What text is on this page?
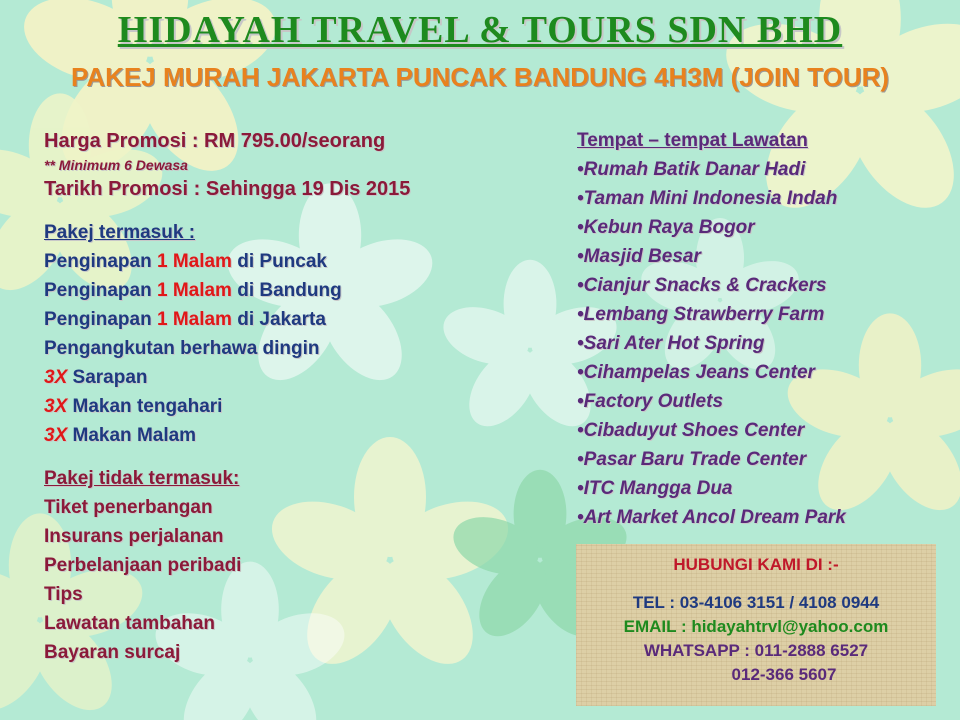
HIDAYAH TRAVEL & TOURS SDN BHD
PAKEJ MURAH JAKARTA PUNCAK BANDUNG 4H3M (JOIN TOUR)
Harga Promosi : RM 795.00/seorang
** Minimum 6 Dewasa
Tarikh Promosi : Sehingga 19 Dis 2015
Pakej termasuk :
Penginapan 1 Malam di Puncak
Penginapan 1 Malam di Bandung
Penginapan 1 Malam di Jakarta
Pengangkutan berhawa dingin
3X Sarapan
3X Makan tengahari
3X Makan Malam
Pakej tidak termasuk:
Tiket penerbangan
Insurans perjalanan
Perbelanjaan peribadi
Tips
Lawatan tambahan
Bayaran surcaj
Tempat – tempat Lawatan
•Rumah Batik Danar Hadi
•Taman Mini Indonesia Indah
•Kebun Raya Bogor
•Masjid Besar
•Cianjur Snacks & Crackers
•Lembang Strawberry Farm
•Sari Ater Hot Spring
•Cihampelas Jeans Center
•Factory Outlets
•Cibaduyut Shoes Center
•Pasar Baru Trade Center
•ITC Mangga Dua
•Art Market Ancol Dream Park
HUBUNGI KAMI DI :-
TEL : 03-4106 3151 / 4108 0944
EMAIL : hidayahtrvl@yahoo.com
WHATSAPP : 011-2888 6527
012-366 5607
